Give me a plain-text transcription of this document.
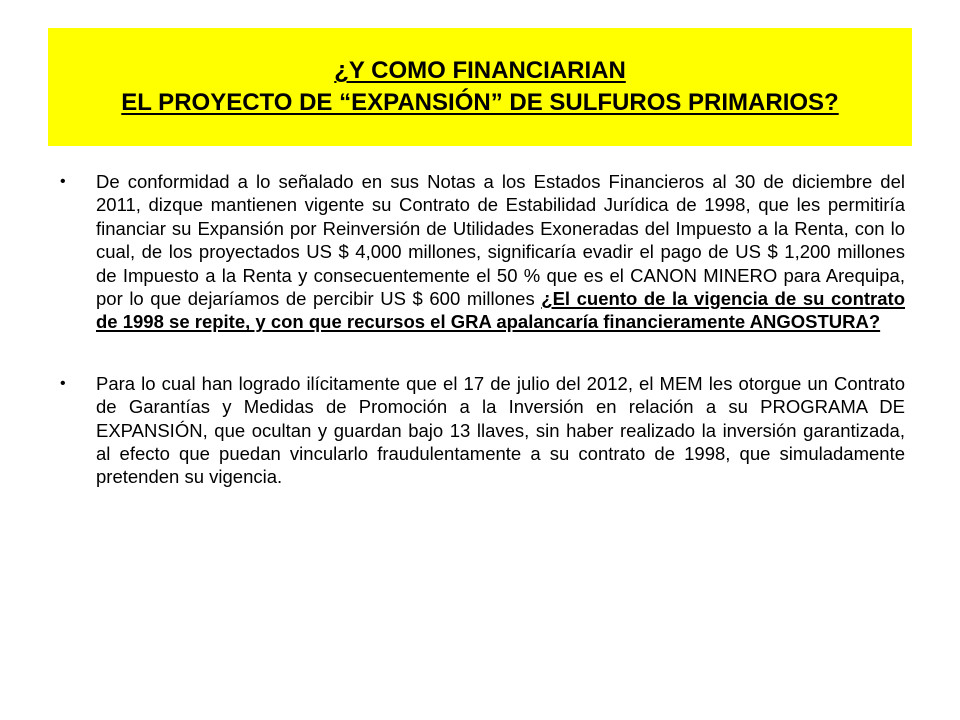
¿Y COMO FINANCIARIAN
EL PROYECTO DE “EXPANSIÓN” DE SULFUROS PRIMARIOS?
• De conformidad a lo señalado en sus Notas a los Estados Financieros al 30 de diciembre del 2011, dizque mantienen vigente su Contrato de Estabilidad Jurídica de 1998, que les permitiría financiar su Expansión por Reinversión de Utilidades Exoneradas del Impuesto a la Renta, con lo cual, de los proyectados US $ 4,000 millones, significaría evadir el pago de US $ 1,200 millones de Impuesto a la Renta y consecuentemente el 50 % que es el CANON MINERO para Arequipa, por lo que dejaríamos de percibir US $ 600 millones ¿El cuento de la vigencia de su contrato de 1998 se repite, y con que recursos el GRA apalancaría financieramente ANGOSTURA?
• Para lo cual han logrado ilícitamente que el 17 de julio del 2012, el MEM les otorgue un Contrato de Garantías y Medidas de Promoción a la Inversión en relación a su PROGRAMA DE EXPANSIÓN, que ocultan y guardan bajo 13 llaves, sin haber realizado la inversión garantizada, al efecto que puedan vincularlo fraudulentamente a su contrato de 1998, que simuladamente pretenden su vigencia.
